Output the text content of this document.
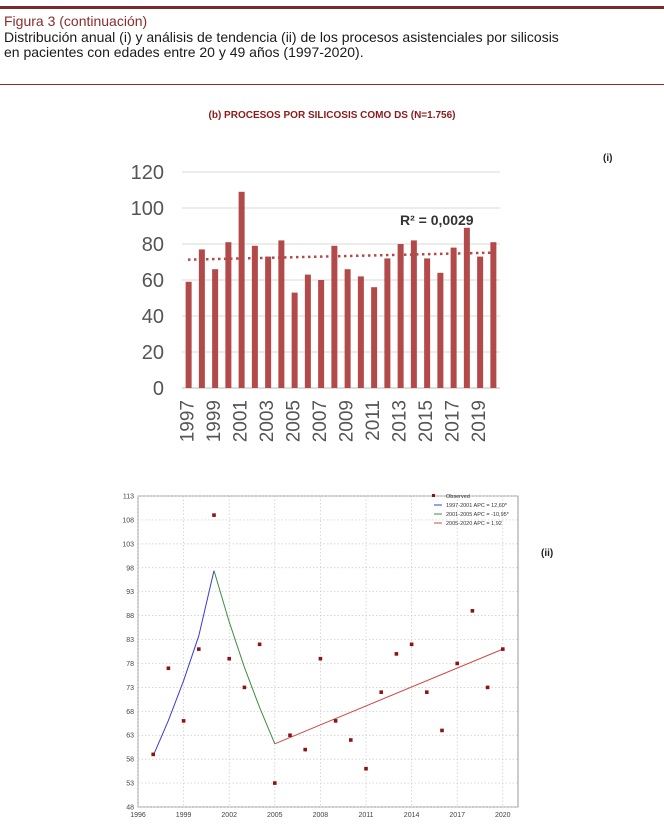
Figura 3 (continuación)
Distribución anual (i) y análisis de tendencia (ii) de los procesos asistenciales por silicosis
en pacientes con edades entre 20 y 49 años (1997-2020).
(b) PROCESOS POR SILICOSIS COMO DS (N=1.756)
(i)
(ii)
0
20
40
60
80
100
120
R² = 0,0029
1997 1999 2001 2003 2005 2007 2009 2011 2013 2015 2017 2019
48
53
58
63
68
73
78
83
88
93
98
103
108
113
1996	1999	2002	2005	2008	2011	2014	2017	2020
Observed
1997-2001 APC = 12,60*
2001-2005 APC = -10,95*
2005-2020 APC = 1,92
